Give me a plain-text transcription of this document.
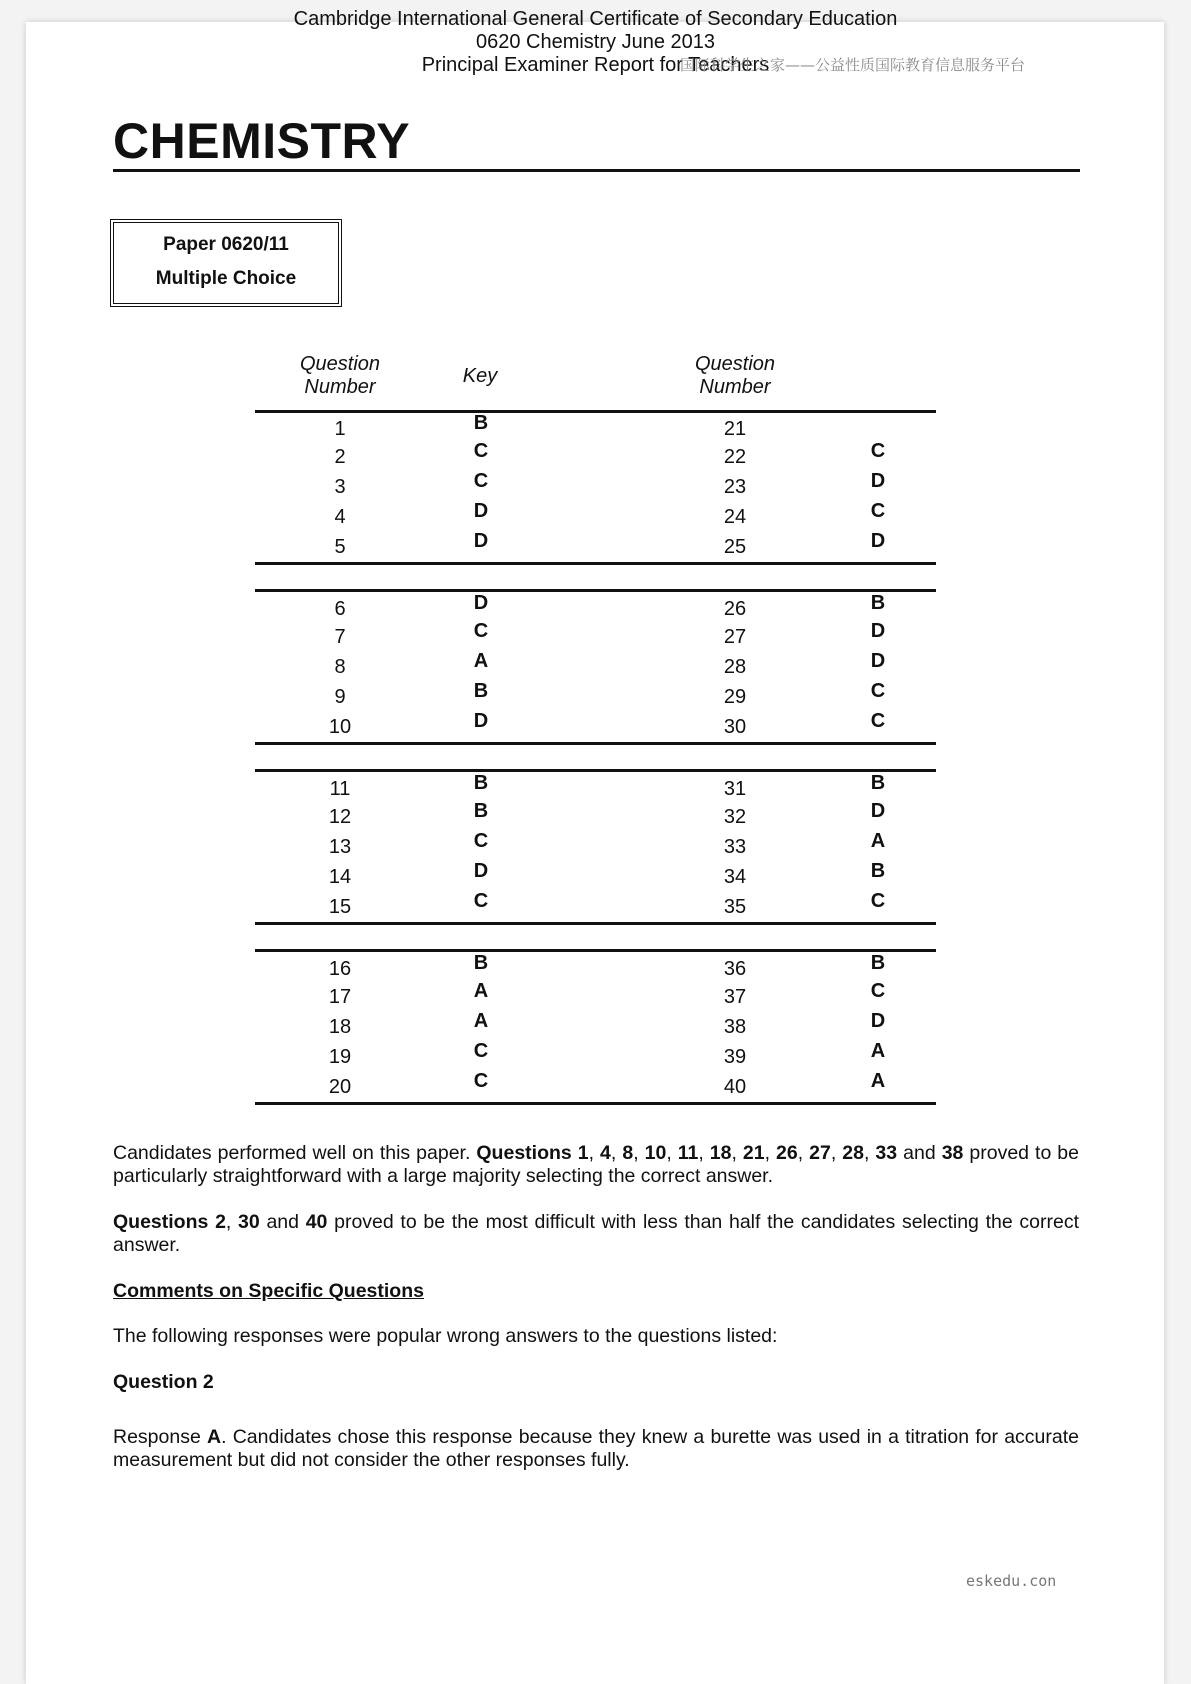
Cambridge International General Certificate of Secondary Education
0620 Chemistry June 2013
Principal Examiner Report for Teachers
国际科学生之家——公益性质国际教育信息服务平台
CHEMISTRY
Paper 0620/11
Multiple Choice
Question
Number	Key
Question
Number
1	B	21
2	C	22	C
3	C	23	D
4	D	24	C
5	D	25	D
6	D	26	B
7	C	27	D
8	A	28	D
9	B	29	C
10	D	30	C
11	B	31	B
12	B	32	D
13	C	33	A
14	D	34	B
15	C	35	C
16	B	36	B
17	A	37	C
18	A	38	D
19	C	39	A
20	C	40	A
Candidates performed well on this paper. Questions 1, 4, 8, 10, 11, 18, 21, 26, 27, 28, 33 and 38 proved to be particularly straightforward with a large majority selecting the correct answer.
Questions 2, 30 and 40 proved to be the most difficult with less than half the candidates selecting the correct answer.
Comments on Specific Questions
The following responses were popular wrong answers to the questions listed:
Question 2
Response A. Candidates chose this response because they knew a burette was used in a titration for accurate measurement but did not consider the other responses fully.
eskedu.con
